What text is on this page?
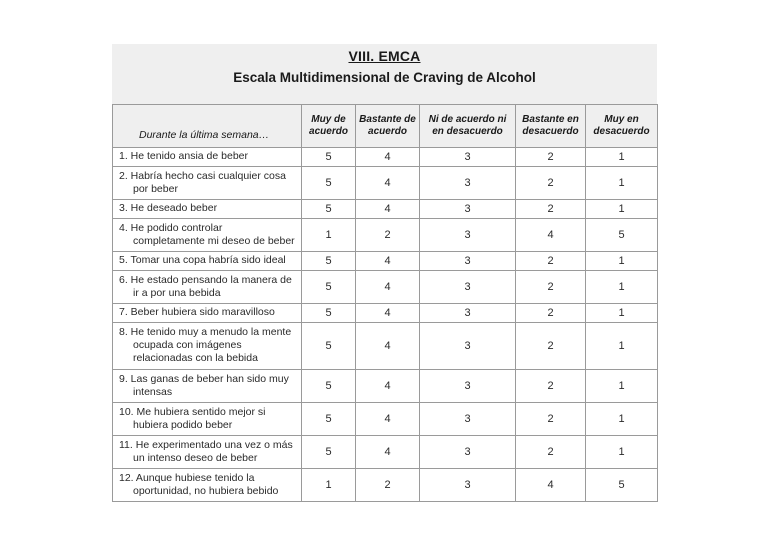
VIII. EMCA
Escala Multidimensional de Craving de Alcohol
Durante la última semana…	Muy de acuerdo	Bastante de acuerdo	Ni de acuerdo ni en desacuerdo	Bastante en desacuerdo	Muy en desacuerdo

1. He tenido ansia de beber	5	4	3	2	1

2. Habría hecho casi cualquier cosa por beber	5	4	3	2	1

3. He deseado beber	5	4	3	2	1

4. He podido controlar completamente mi deseo de beber	1	2	3	4	5

5. Tomar una copa habría sido ideal	5	4	3	2	1

6. He estado pensando la manera de ir a por una bebida	5	4	3	2	1

7. Beber hubiera sido maravilloso	5	4	3	2	1

8. He tenido muy a menudo la mente ocupada con imágenes relacionadas con la bebida	5	4	3	2	1

9. Las ganas de beber han sido muy intensas	5	4	3	2	1

10. Me hubiera sentido mejor si hubiera podido beber	5	4	3	2	1

11. He experimentado una vez o más un intenso deseo de beber	5	4	3	2	1

12. Aunque hubiese tenido la oportunidad, no hubiera bebido	1	2	3	4	5
